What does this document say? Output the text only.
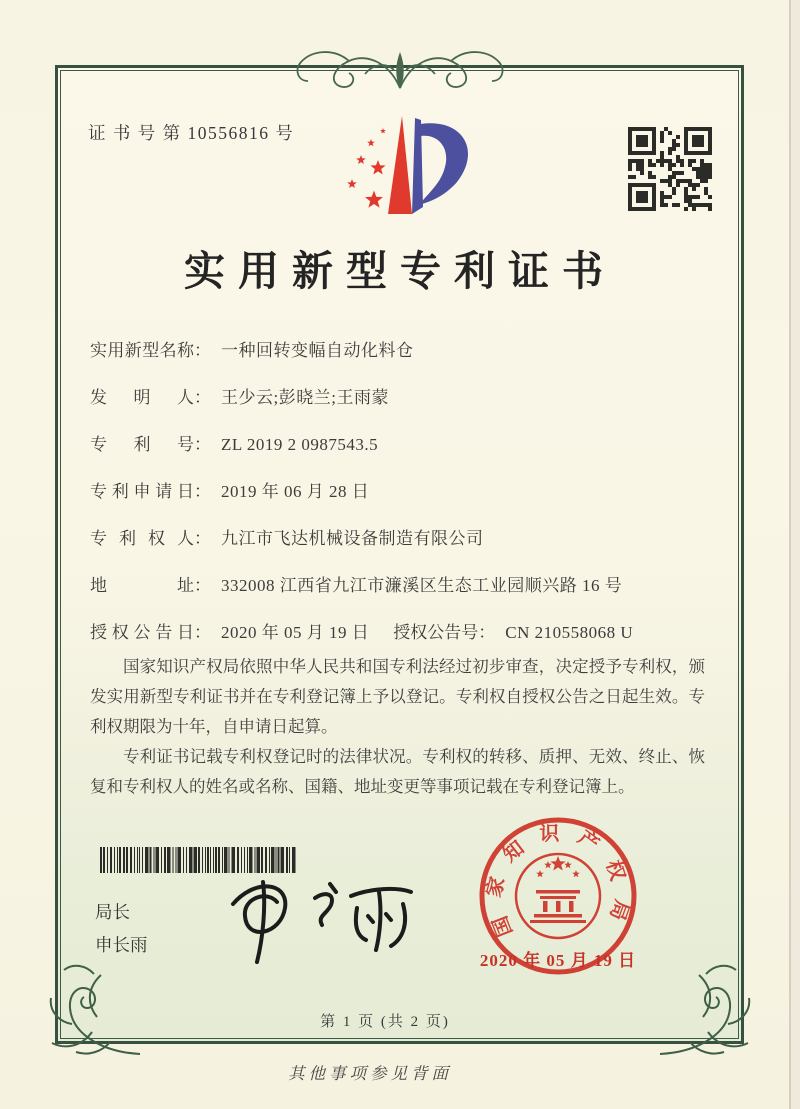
证 书 号 第 10556816 号
实用新型专利证书
实用新型名称： 一种回转变幅自动化料仓
发明人： 王少云;彭晓兰;王雨蒙
专利号： ZL 2019 2 0987543.5
专利申请日： 2019 年 06 月 28 日
专利权人： 九江市飞达机械设备制造有限公司
地址： 332008 江西省九江市濂溪区生态工业园顺兴路 16 号
授权公告日： 2020 年 05 月 19 日 授权公告号： CN 210558068 U

国家知识产权局依照中华人民共和国专利法经过初步审查，决定授予专利权，颁发实用新型专利证书并在专利登记簿上予以登记。专利权自授权公告之日起生效。专利权期限为十年，自申请日起算。

专利证书记载专利权登记时的法律状况。专利权的转移、质押、无效、终止、恢复和专利权人的姓名或名称、国籍、地址变更等事项记载在专利登记簿上。

局长
申长雨
国家知识产权局
2020 年 05 月 19 日
第 1 页 (共 2 页)
其他事项参见背面
